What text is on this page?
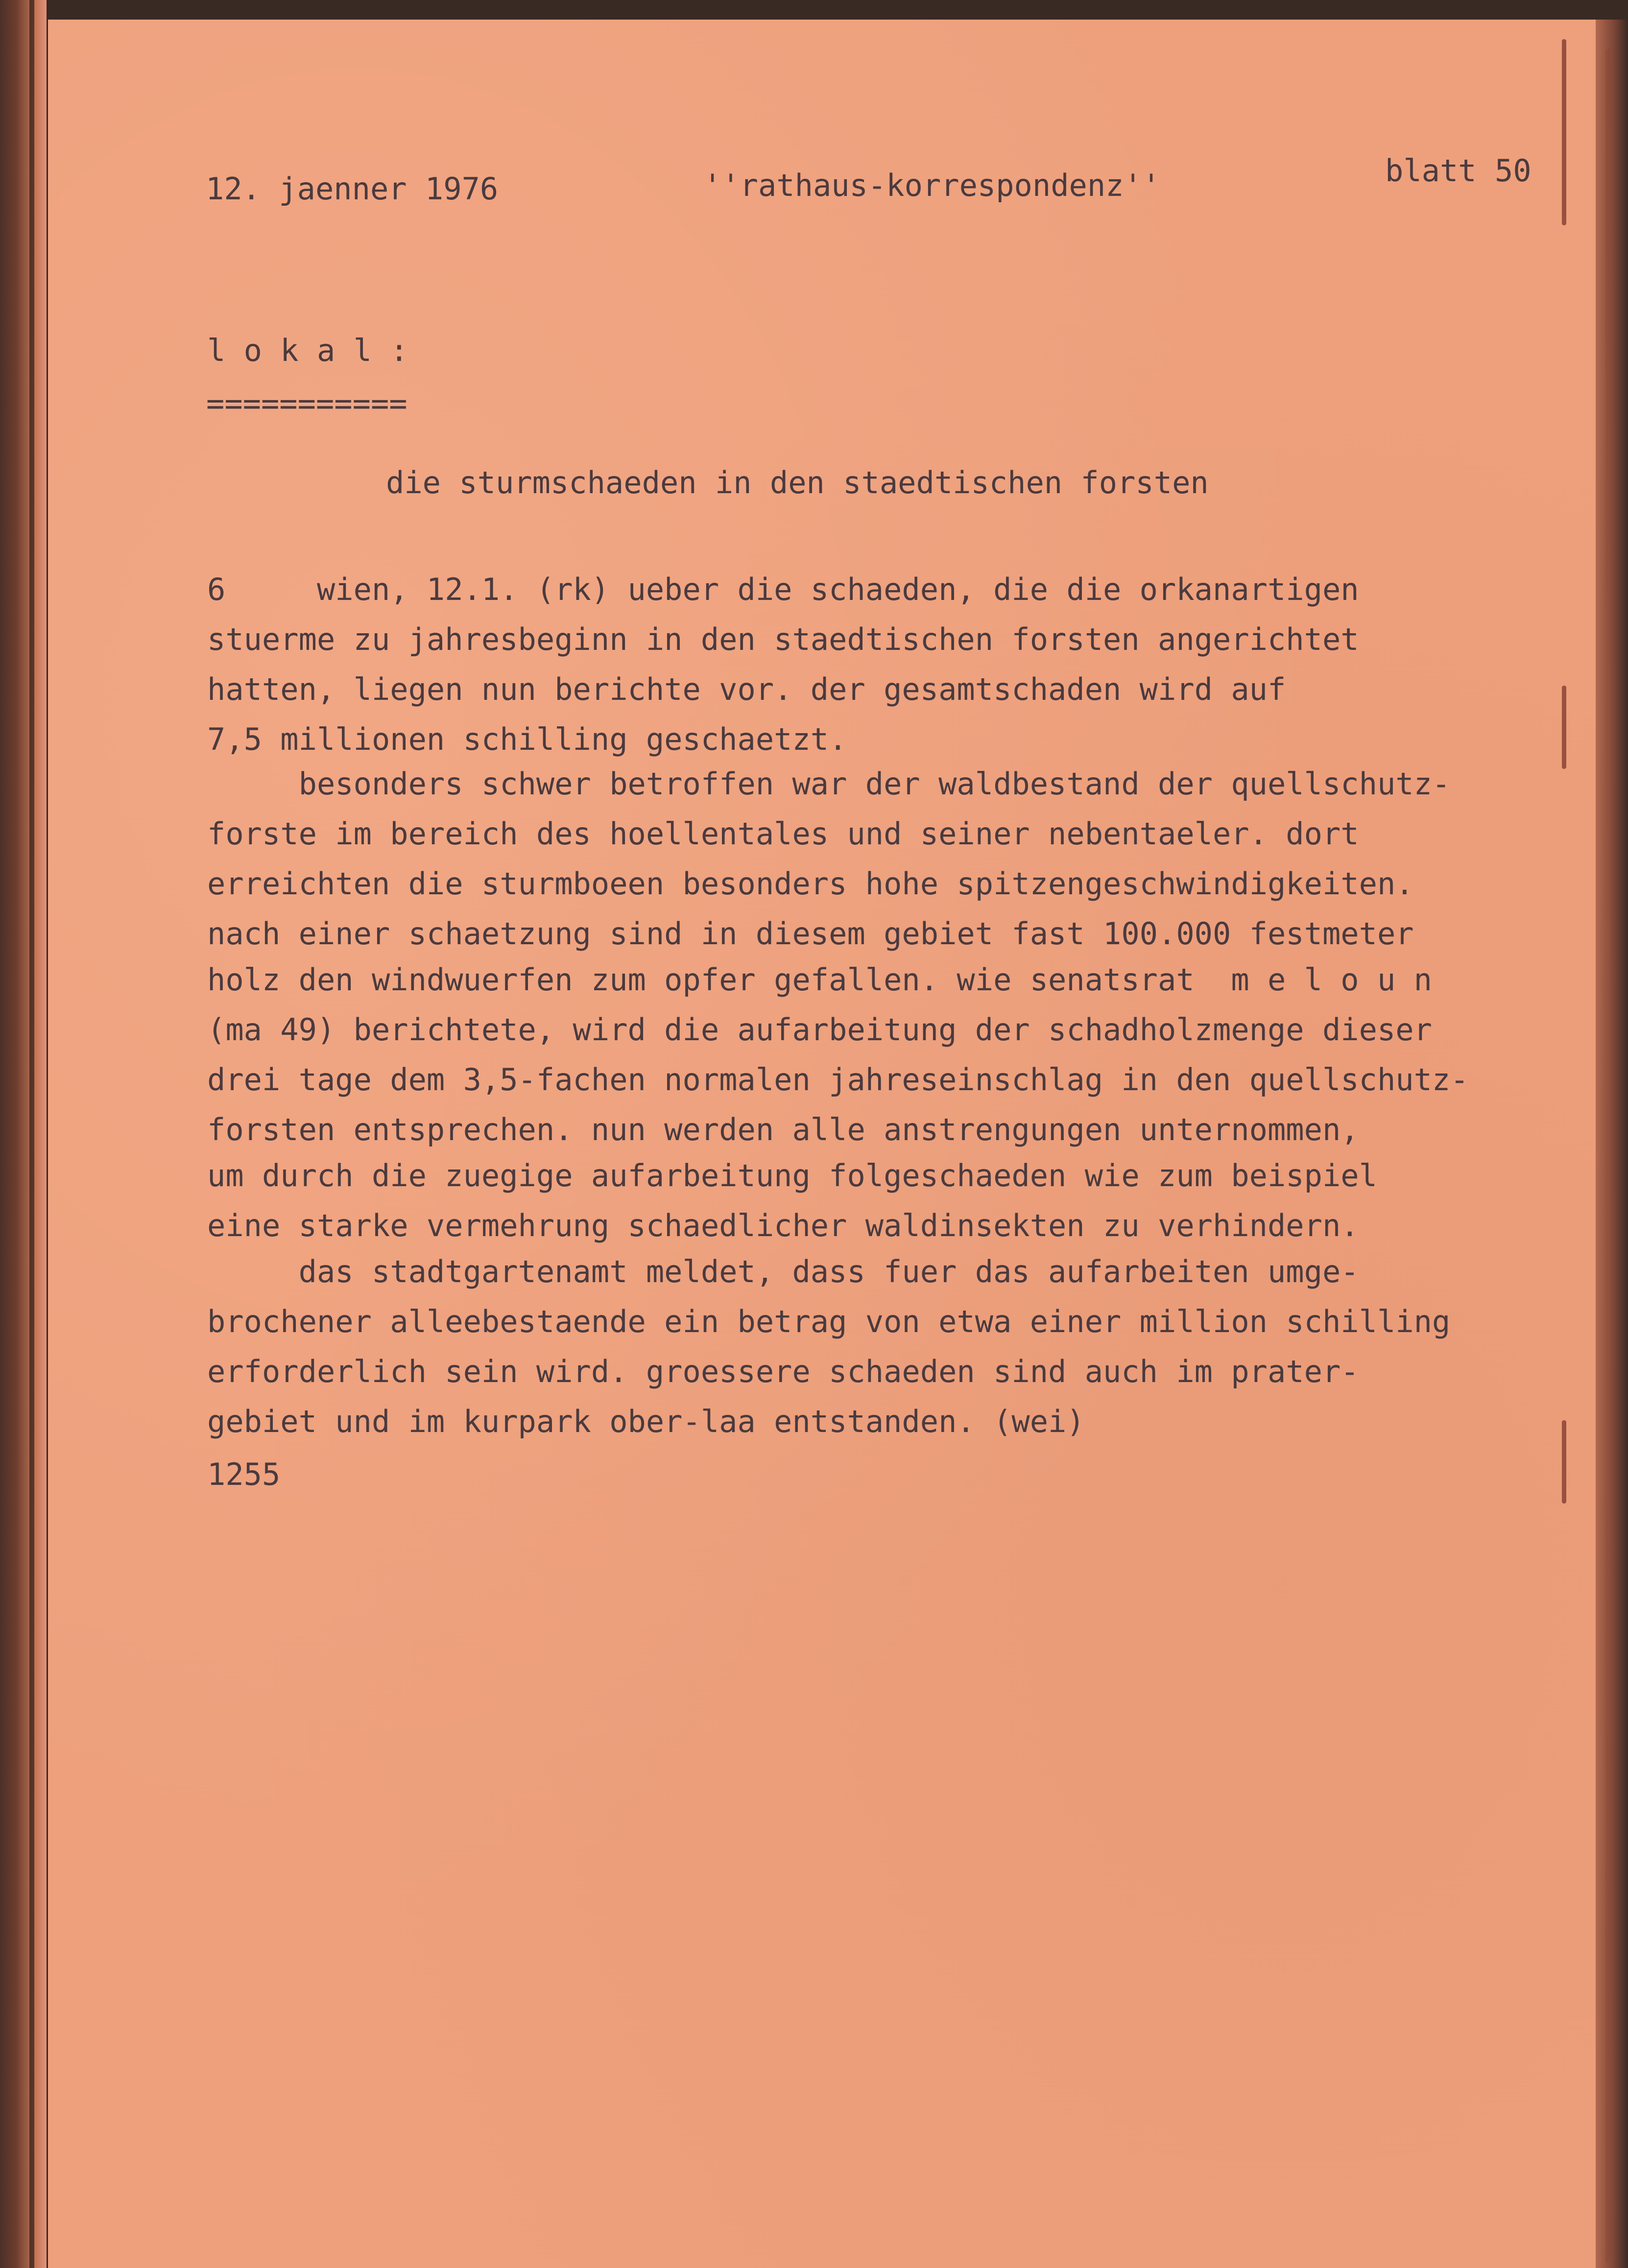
12. jaenner 1976	''rathaus-korrespondenz''	blatt 50
l o k a l :
===========
die sturmschaeden in den staedtischen forsten
6     wien, 12.1. (rk) ueber die schaeden, die die orkanartigen
stuerme zu jahresbeginn in den staedtischen forsten angerichtet
hatten, liegen nun berichte vor. der gesamtschaden wird auf
7,5 millionen schilling geschaetzt.
besonders schwer betroffen war der waldbestand der quellschutz-
forste im bereich des hoellentales und seiner nebentaeler. dort
erreichten die sturmboeen besonders hohe spitzengeschwindigkeiten.
nach einer schaetzung sind in diesem gebiet fast 100.000 festmeter
holz den windwuerfen zum opfer gefallen. wie senatsrat  m e l o u n
(ma 49) berichtete, wird die aufarbeitung der schadholzmenge dieser
drei tage dem 3,5-fachen normalen jahreseinschlag in den quellschutz-
forsten entsprechen. nun werden alle anstrengungen unternommen,
um durch die zuegige aufarbeitung folgeschaeden wie zum beispiel
eine starke vermehrung schaedlicher waldinsekten zu verhindern.
das stadtgartenamt meldet, dass fuer das aufarbeiten umge-
brochener alleebestaende ein betrag von etwa einer million schilling
erforderlich sein wird. groessere schaeden sind auch im prater-
gebiet und im kurpark ober-laa entstanden. (wei)
1255
